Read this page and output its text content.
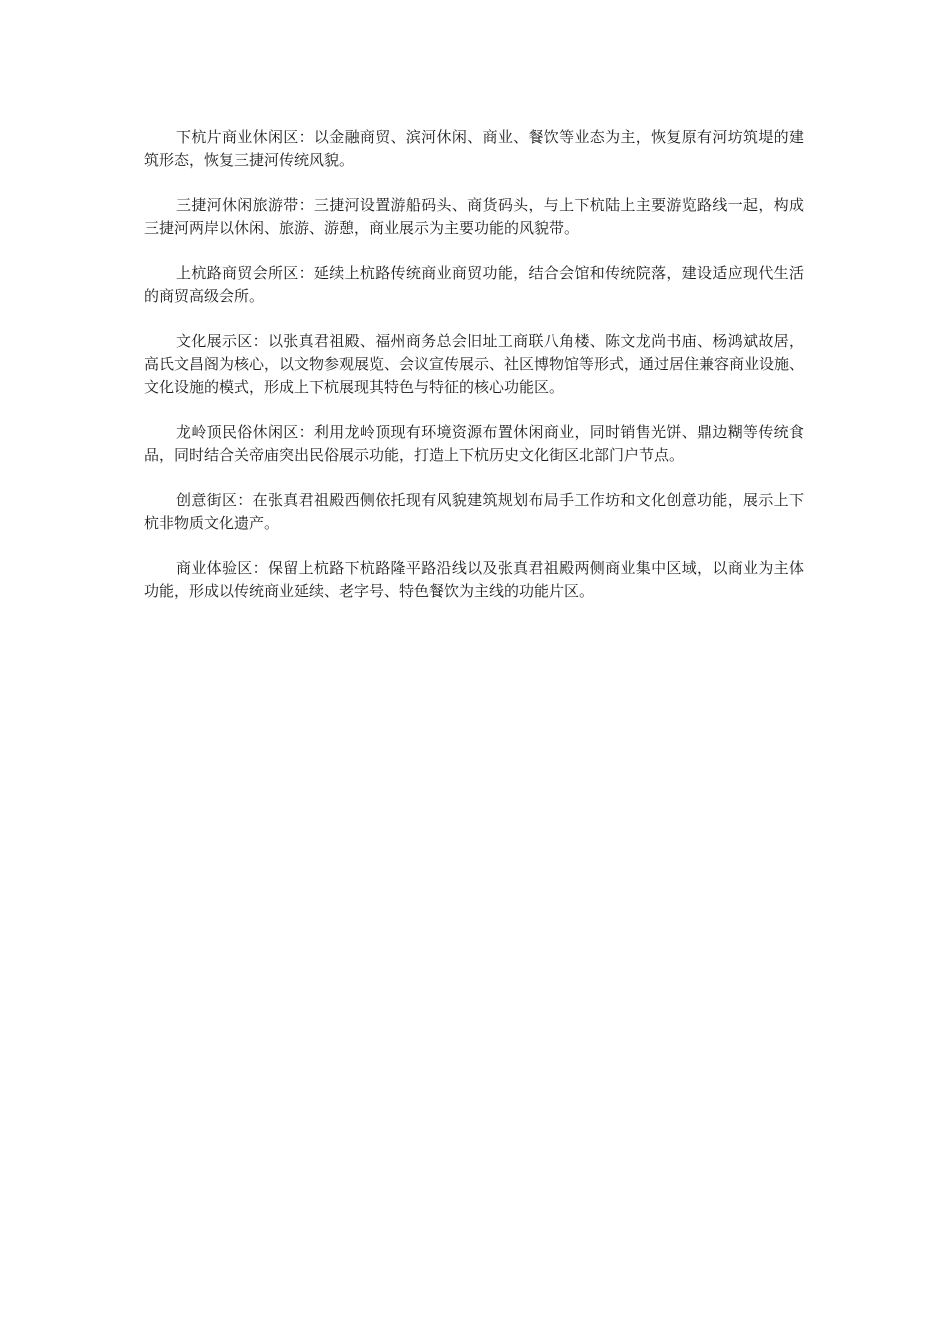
下杭片商业休闲区：以金融商贸、滨河休闲、商业、餐饮等业态为主，恢复原有河坊筑堤的建筑形态，恢复三捷河传统风貌。

三捷河休闲旅游带：三捷河设置游船码头、商货码头，与上下杭陆上主要游览路线一起，构成三捷河两岸以休闲、旅游、游憩，商业展示为主要功能的风貌带。

上杭路商贸会所区：延续上杭路传统商业商贸功能，结合会馆和传统院落，建设适应现代生活的商贸高级会所。

文化展示区：以张真君祖殿、福州商务总会旧址工商联八角楼、陈文龙尚书庙、杨鸿斌故居，高氏文昌阁为核心，以文物参观展览、会议宣传展示、社区博物馆等形式，通过居住兼容商业设施、文化设施的模式，形成上下杭展现其特色与特征的核心功能区。

龙岭顶民俗休闲区：利用龙岭顶现有环境资源布置休闲商业，同时销售光饼、鼎边糊等传统食品，同时结合关帝庙突出民俗展示功能，打造上下杭历史文化街区北部门户节点。

创意街区：在张真君祖殿西侧依托现有风貌建筑规划布局手工作坊和文化创意功能，展示上下杭非物质文化遗产。

商业体验区：保留上杭路下杭路隆平路沿线以及张真君祖殿两侧商业集中区域，以商业为主体功能，形成以传统商业延续、老字号、特色餐饮为主线的功能片区。
